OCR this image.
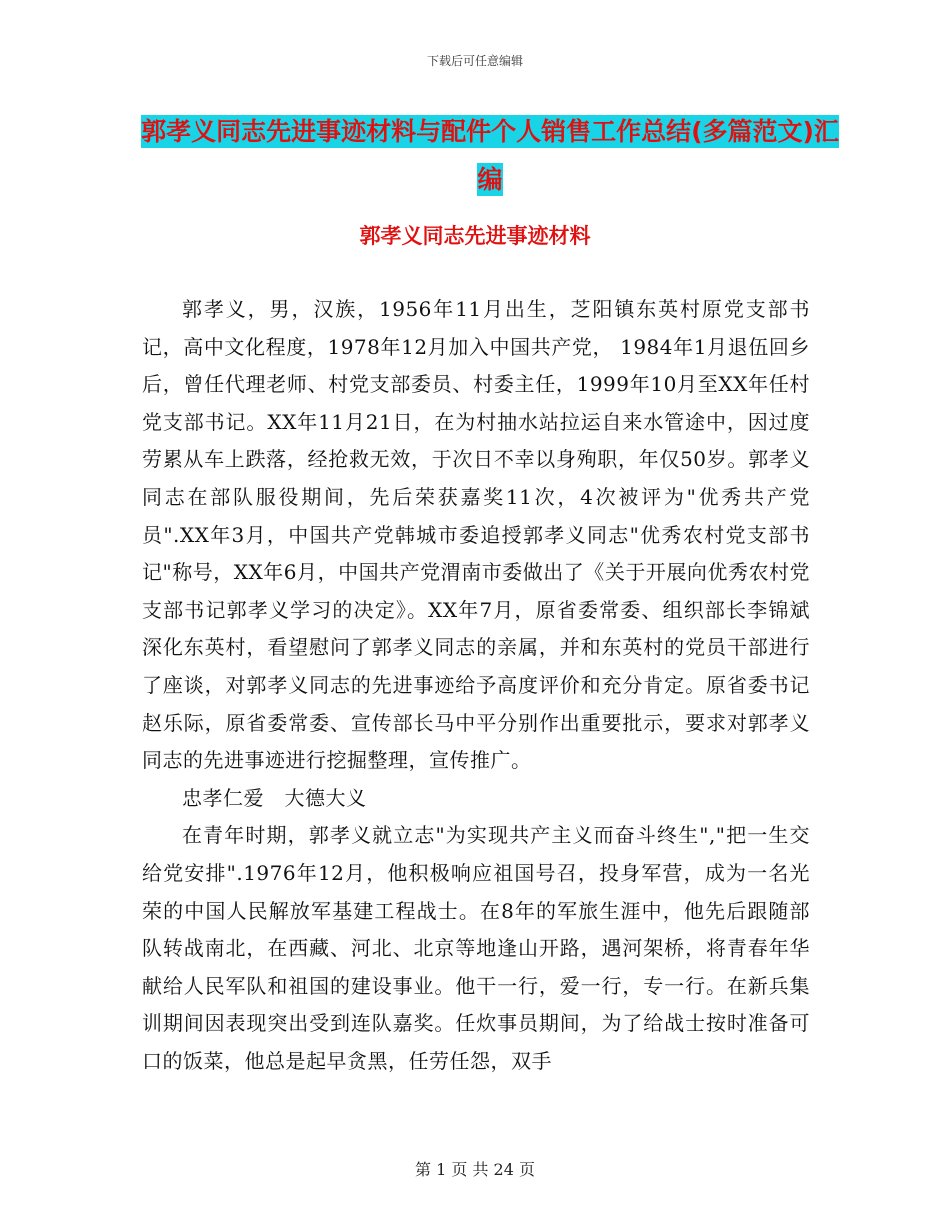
下载后可任意编辑
郭孝义同志先进事迹材料与配件个人销售工作总结(多篇范文)汇编
郭孝义同志先进事迹材料

郭孝义，男，汉族，1956年11月出生，芝阳镇东英村原党支部书记，高中文化程度，1978年12月加入中国共产党， 1984年1月退伍回乡后，曾任代理老师、村党支部委员、村委主任，1999年10月至XX年任村党支部书记。XX年11月21日，在为村抽水站拉运自来水管途中，因过度劳累从车上跌落，经抢救无效，于次日不幸以身殉职，年仅50岁。郭孝义同志在部队服役期间，先后荣获嘉奖11次，4次被评为"优秀共产党员".XX年3月，中国共产党韩城市委追授郭孝义同志"优秀农村党支部书记"称号，XX年6月，中国共产党渭南市委做出了《关于开展向优秀农村党支部书记郭孝义学习的决定》。XX年7月，原省委常委、组织部长李锦斌深化东英村，看望慰问了郭孝义同志的亲属，并和东英村的党员干部进行了座谈，对郭孝义同志的先进事迹给予高度评价和充分肯定。原省委书记赵乐际，原省委常委、宣传部长马中平分别作出重要批示，要求对郭孝义同志的先进事迹进行挖掘整理，宣传推广。

忠孝仁爱　大德大义

在青年时期，郭孝义就立志"为实现共产主义而奋斗终生","把一生交给党安排".1976年12月，他积极响应祖国号召，投身军营，成为一名光荣的中国人民解放军基建工程战士。在8年的军旅生涯中，他先后跟随部队转战南北，在西藏、河北、北京等地逢山开路，遇河架桥，将青春年华献给人民军队和祖国的建设事业。他干一行，爱一行，专一行。在新兵集训期间因表现突出受到连队嘉奖。任炊事员期间，为了给战士按时准备可口的饭菜，他总是起早贪黑，任劳任怨，双手

第 1 页 共 24 页
